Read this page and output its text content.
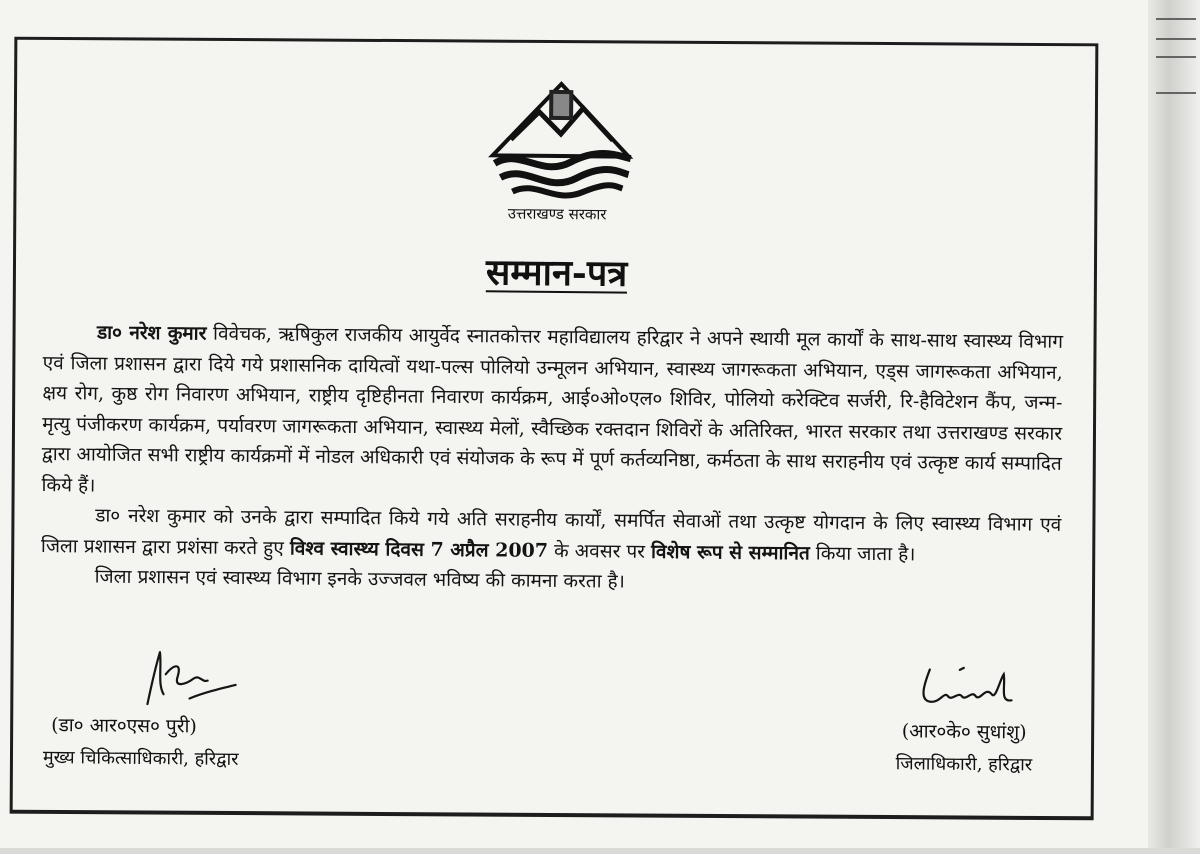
उत्तराखण्ड सरकार
सम्मान-पत्र

डा० नरेश कुमार विवेचक, ऋषिकुल राजकीय आयुर्वेद स्नातकोत्तर महाविद्यालय हरिद्वार ने अपने स्थायी मूल कार्यों के साथ-साथ स्वास्थ्य विभाग एवं जिला प्रशासन द्वारा दिये गये प्रशासनिक दायित्वों यथा-पल्स पोलियो उन्मूलन अभियान, स्वास्थ्य जागरूकता अभियान, एड्स जागरूकता अभियान, क्षय रोग, कुष्ठ रोग निवारण अभियान, राष्ट्रीय दृष्टिहीनता निवारण कार्यक्रम, आई०ओ०एल० शिविर, पोलियो करेक्टिव सर्जरी, रि-हैविटेशन कैंप, जन्म-मृत्यु पंजीकरण कार्यक्रम, पर्यावरण जागरूकता अभियान, स्वास्थ्य मेलों, स्वैच्छिक रक्तदान शिविरों के अतिरिक्त, भारत सरकार तथा उत्तराखण्ड सरकार द्वारा आयोजित सभी राष्ट्रीय कार्यक्रमों में नोडल अधिकारी एवं संयोजक के रूप में पूर्ण कर्तव्यनिष्ठा, कर्मठता के साथ सराहनीय एवं उत्कृष्ट कार्य सम्पादित किये हैं।

डा० नरेश कुमार को उनके द्वारा सम्पादित किये गये अति सराहनीय कार्यों, समर्पित सेवाओं तथा उत्कृष्ट योगदान के लिए स्वास्थ्य विभाग एवं जिला प्रशासन द्वारा प्रशंसा करते हुए विश्व स्वास्थ्य दिवस 7 अप्रैल 2007 के अवसर पर विशेष रूप से सम्मानित किया जाता है।

जिला प्रशासन एवं स्वास्थ्य विभाग इनके उज्जवल भविष्य की कामना करता है।

(डा० आर०एस० पुरी)
मुख्य चिकित्साधिकारी, हरिद्वार
(आर०के० सुधांशु)
जिलाधिकारी, हरिद्वार
